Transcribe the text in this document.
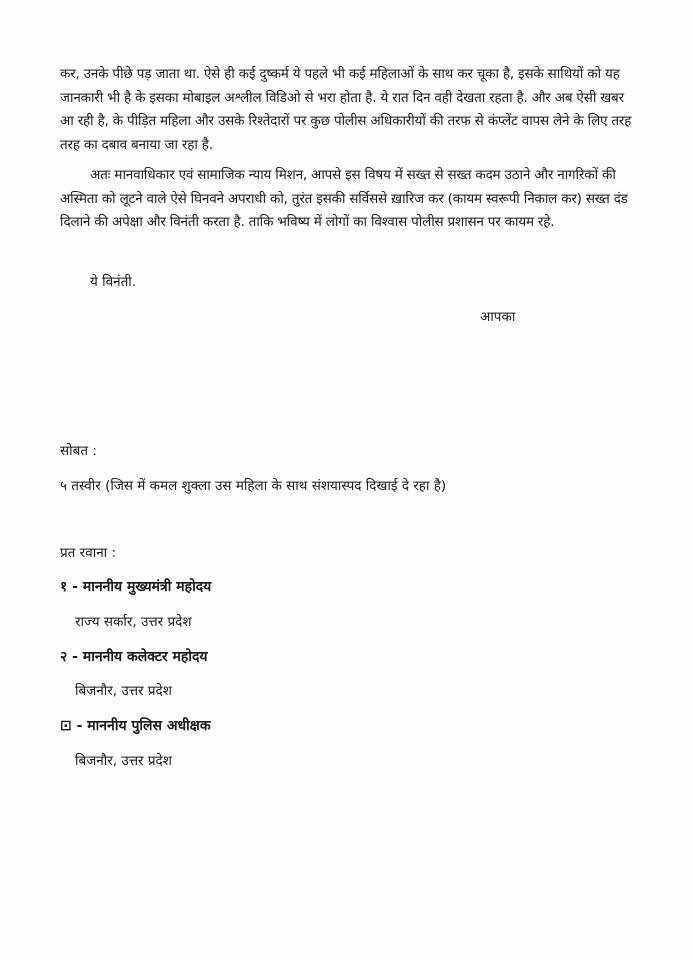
कर, उनके पीछे पड़ जाता था. ऐसे ही कई दुष्कर्म ये पहले भी कई महिलाओं के साथ कर चूका है, इसके साथियों को यह जानकारी भी है के इसका मोबाइल अश्लील विडिओ से भरा होता है. ये रात दिन वही देखता रहता है. और अब ऐसी खबर आ रही है, के पीड़ित महिला और उसके रिश्तेदारों पर कुछ पोलीस अधिकारीयों की तरफ से कंप्लेंट वापस लेने के लिए तरह तरह का दबाव बनाया जा रहा है.
अतः मानवाधिकार एवं सामाजिक न्याय मिशन, आपसे इस विषय में सख्त से सख्त कदम उठाने और नागरिकों की अस्मिता को लूटने वाले ऐसे घिनवने अपराधी को, तुरंत इसकी सर्विससे ख़ारिज कर (कायम स्वरूपी निकाल कर) सख्त दंड दिलाने की अपेक्षा और विनंती करता है. ताकि भविष्य में लोगों का विश्वास पोलीस प्रशासन पर कायम रहे.
ये विनंती.
आपका
सोबत :
५ तस्वीर (जिस में कमल शुक्ला उस महिला के साथ संशयास्पद दिखाई दे रहा है)
प्रत रवाना :
१ - माननीय मुख्यमंत्री महोदय
राज्य सर्कार, उत्तर प्रदेश
२ - माननीय कलेक्टर महोदय
बिजनौर, उत्तर प्रदेश
⊡ - माननीय पुलिस अधीक्षक
बिजनौर, उत्तर प्रदेश
